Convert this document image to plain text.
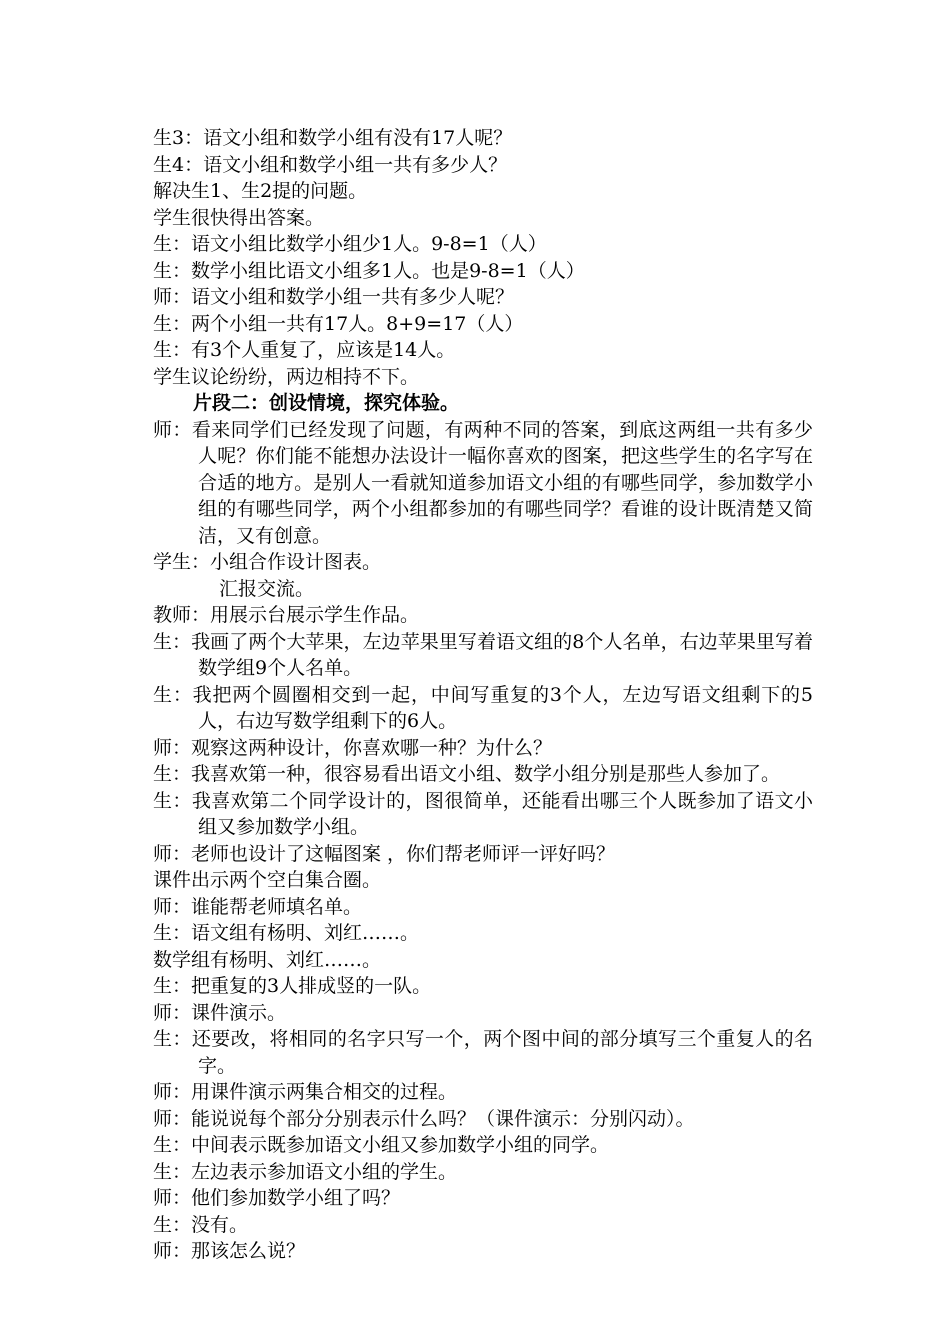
生3：语文小组和数学小组有没有17人呢？

生4：语文小组和数学小组一共有多少人？

解决生1、生2提的问题。

学生很快得出答案。

生：语文小组比数学小组少1人。9-8=1（人）

生：数学小组比语文小组多1人。也是9-8=1（人）

师：语文小组和数学小组一共有多少人呢？

生：两个小组一共有17人。8+9=17（人）

生：有3个人重复了，应该是14人。

学生议论纷纷，两边相持不下。

片段二：创设情境，探究体验。

师：看来同学们已经发现了问题，有两种不同的答案，到底这两组一共有多少人呢？你们能不能想办法设计一幅你喜欢的图案，把这些学生的名字写在合适的地方。是别人一看就知道参加语文小组的有哪些同学，参加数学小组的有哪些同学，两个小组都参加的有哪些同学？看谁的设计既清楚又简洁，又有创意。

学生：小组合作设计图表。

汇报交流。

教师：用展示台展示学生作品。

生：我画了两个大苹果，左边苹果里写着语文组的8个人名单，右边苹果里写着数学组9个人名单。

生：我把两个圆圈相交到一起，中间写重复的3个人，左边写语文组剩下的5人，右边写数学组剩下的6人。

师：观察这两种设计，你喜欢哪一种？为什么？

生：我喜欢第一种，很容易看出语文小组、数学小组分别是那些人参加了。

生：我喜欢第二个同学设计的，图很简单，还能看出哪三个人既参加了语文小组又参加数学小组。

师：老师也设计了这幅图案 ，你们帮老师评一评好吗？

课件出示两个空白集合圈。

师：谁能帮老师填名单。

生：语文组有杨明、刘红……。

数学组有杨明、刘红……。

生：把重复的3人排成竖的一队。

师：课件演示。

生：还要改，将相同的名字只写一个，两个图中间的部分填写三个重复人的名字。

师：用课件演示两集合相交的过程。

师：能说说每个部分分别表示什么吗？（课件演示：分别闪动）。

生：中间表示既参加语文小组又参加数学小组的同学。

生：左边表示参加语文小组的学生。

师：他们参加数学小组了吗？

生：没有。

师：那该怎么说？
